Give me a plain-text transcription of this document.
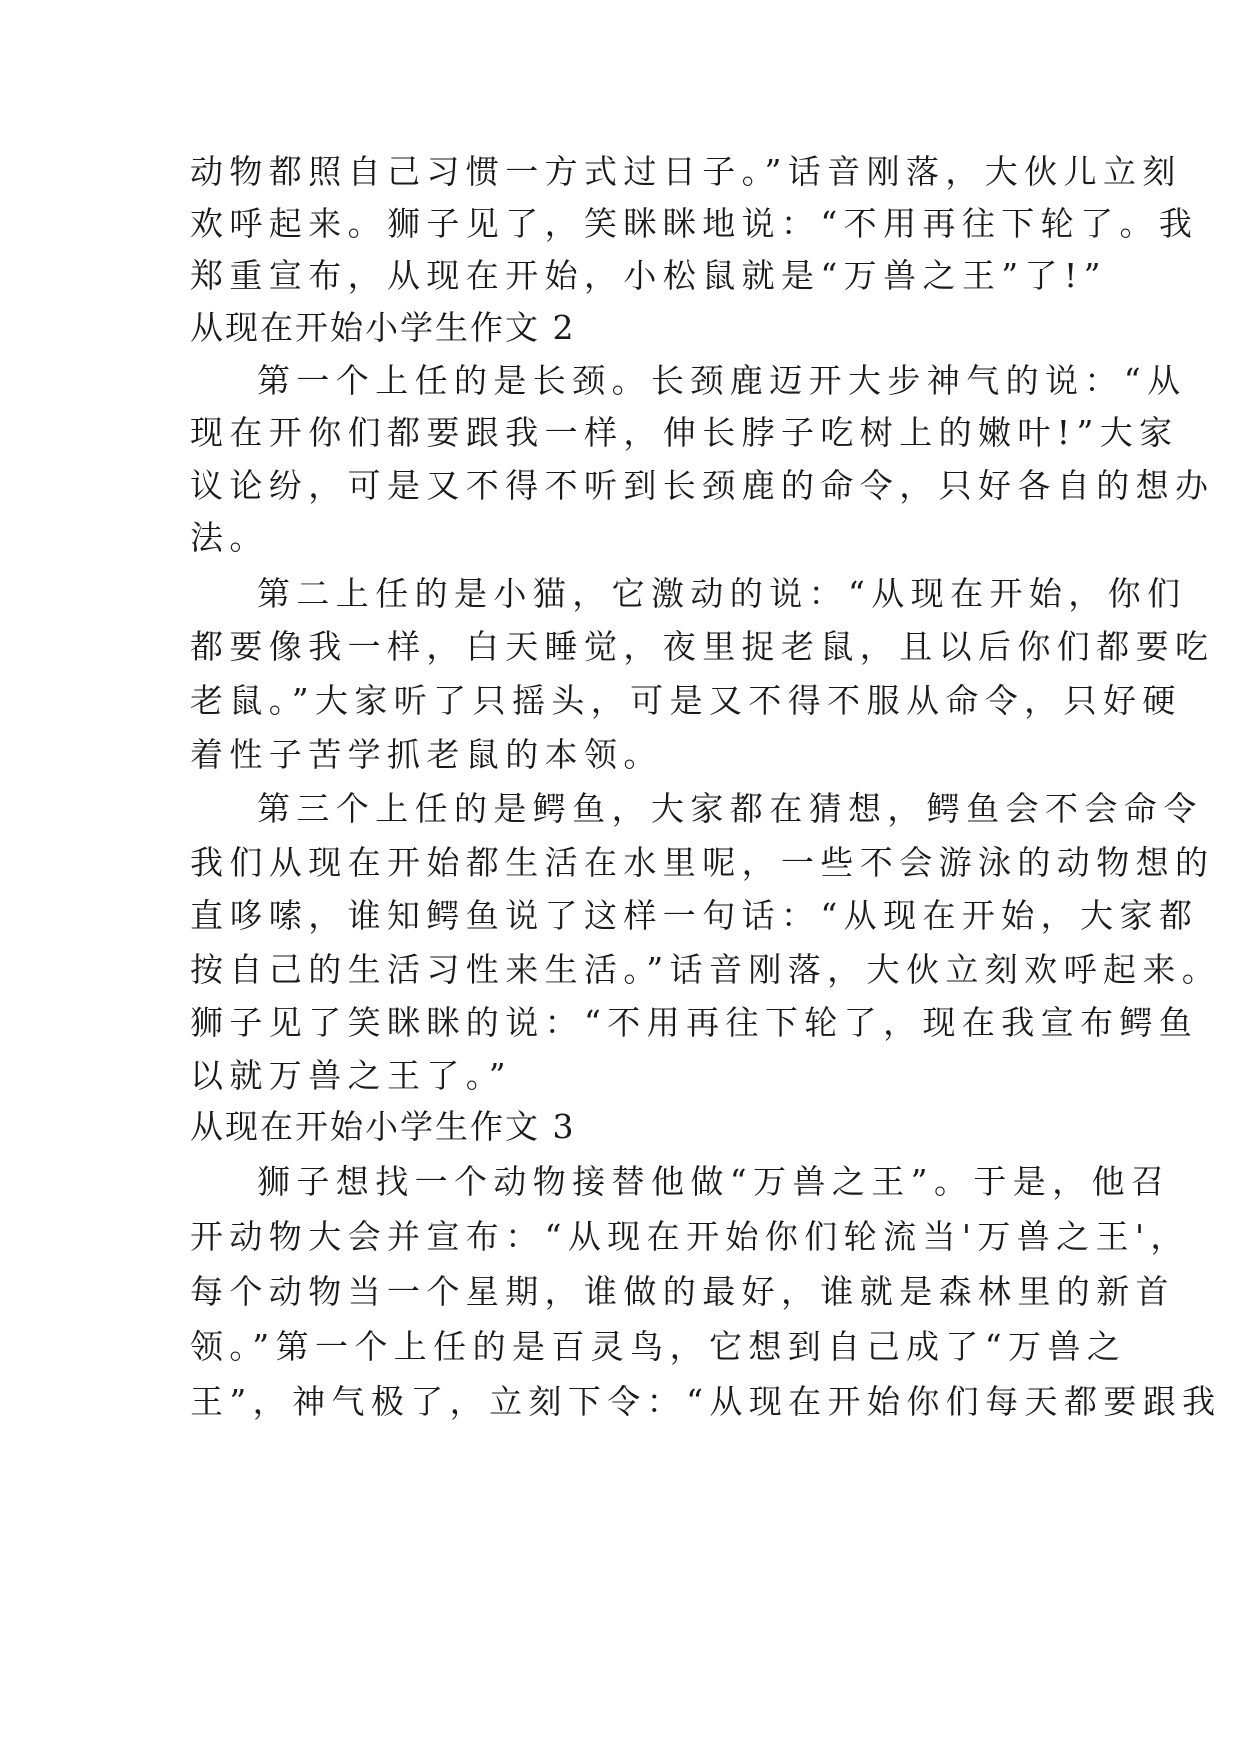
动物都照自己习惯一方式过日子。”话音刚落，大伙儿立刻
欢呼起来。狮子见了，笑眯眯地说：“不用再往下轮了。我
郑重宣布，从现在开始，小松鼠就是“万兽之王”了!”
从现在开始小学生作文 2
第一个上任的是长颈。长颈鹿迈开大步神气的说：“从
现在开你们都要跟我一样，伸长脖子吃树上的嫩叶!”大家
议论纷，可是又不得不听到长颈鹿的命令，只好各自的想办
法。
第二上任的是小猫，它激动的说：“从现在开始，你们
都要像我一样，白天睡觉，夜里捉老鼠，且以后你们都要吃
老鼠。”大家听了只摇头，可是又不得不服从命令，只好硬
着性子苦学抓老鼠的本领。
第三个上任的是鳄鱼，大家都在猜想，鳄鱼会不会命令
我们从现在开始都生活在水里呢，一些不会游泳的动物想的
直哆嗦，谁知鳄鱼说了这样一句话：“从现在开始，大家都
按自己的生活习性来生活。”话音刚落，大伙立刻欢呼起来。
狮子见了笑眯眯的说：“不用再往下轮了，现在我宣布鳄鱼
以就万兽之王了。”
从现在开始小学生作文 3
狮子想找一个动物接替他做“万兽之王”。于是，他召
开动物大会并宣布：“从现在开始你们轮流当'万兽之王'，
每个动物当一个星期，谁做的最好，谁就是森林里的新首
领。”第一个上任的是百灵鸟，它想到自己成了“万兽之
王”，神气极了，立刻下令：“从现在开始你们每天都要跟我
